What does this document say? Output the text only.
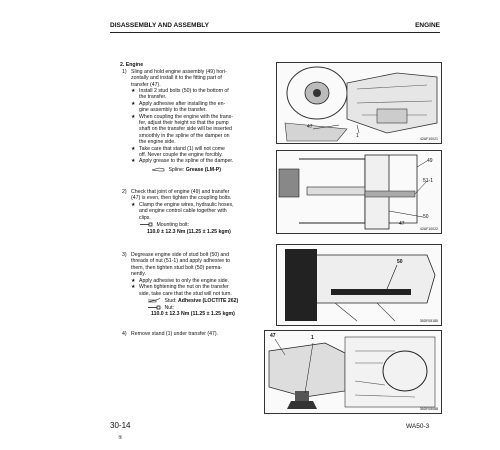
DISASSEMBLY AND ASSEMBLY	ENGINE
2. Engine
1) Sling and hold engine assembly (49) hori-
zontally and install it to the fitting part of
transfer (47).
★ Install 2 stud bolts (50) to the bottom of
the transfer.
★ Apply adhesive after installing the en-
gine assembly to the transfer.
★ When coupling the engine with the trans-
fer, adjust their height so that the pump
shaft on the transfer side will be inserted
smoothly in the spline of the damper on
the engine side.
★ Take care that stand (1) will not come
off. Never couple the engine forcibly.
★ Apply grease to the spline of the damper.
Spline: Grease (LM-P)
2) Check that joint of engine (49) and transfer
(47) is even, then tighten the coupling bolts.
★ Clamp the engine wires, hydraulic hoses,
and engine control cable together with
clips.
Mounting bolt:
110.0 ± 12.3 Nm (11.25 ± 1.25 kgm)
3) Degrease engine side of stud bolt (50) and
threads of nut (51-1) and apply adhesive to
them, then tighten stud bolt (50) perma-
nently.
★ Apply adhesive to only the engine side.
★ When tightening the nut on the transfer
side, take care that the stud will not turn.
Stud: Adhesive (LOCTITE 262)
Nut:
110.0 ± 12.3 Nm (11.25 ± 1.25 kgm)
4) Remove stand (1) under transfer (47).
47
1	42AF10021
49
51-1
50
47
42AF10022
50
35DF05185
47	1
35DF05088
30-14
⑤
WA50-3
